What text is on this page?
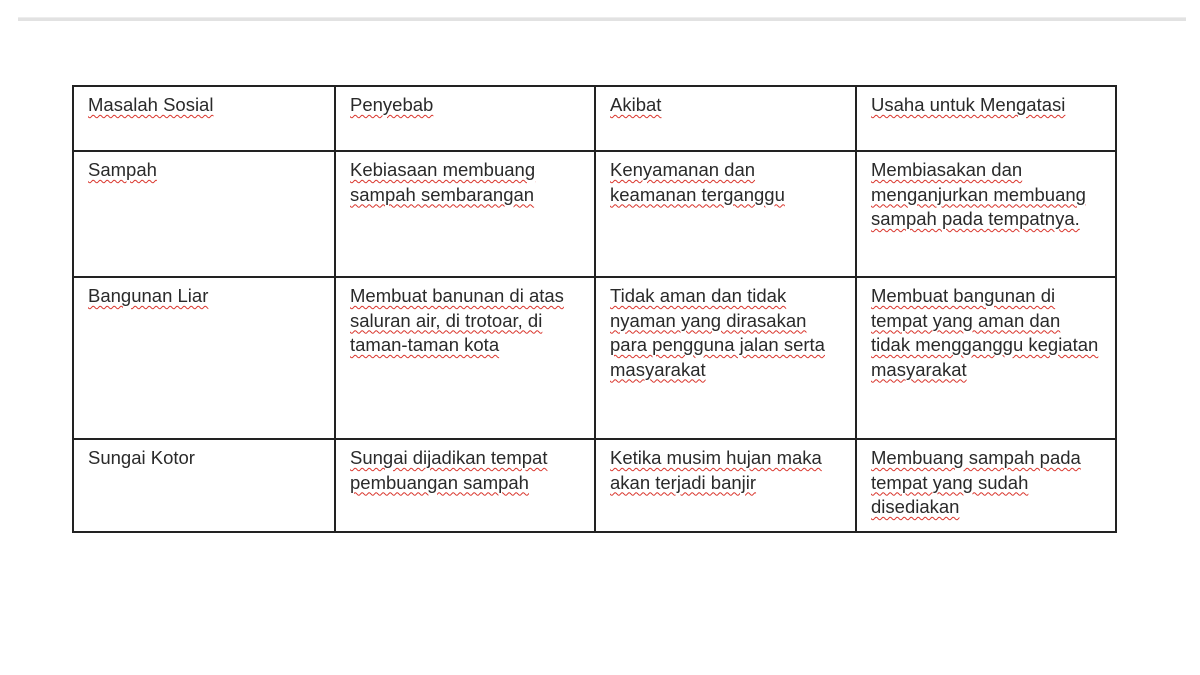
Masalah Sosial	Penyebab	Akibat	Usaha untuk Mengatasi
Sampah	Kebiasaan membuang sampah sembarangan	Kenyamanan dan keamanan terganggu	Membiasakan dan menganjurkan membuang sampah pada tempatnya.
Bangunan Liar	Membuat banunan di atas saluran air, di trotoar, di taman-taman kota	Tidak aman dan tidak nyaman yang dirasakan para pengguna jalan serta masyarakat	Membuat bangunan di tempat yang aman dan tidak mengganggu kegiatan masyarakat
Sungai Kotor	Sungai dijadikan tempat pembuangan sampah	Ketika musim hujan maka akan terjadi banjir	Membuang sampah pada tempat yang sudah disediakan
